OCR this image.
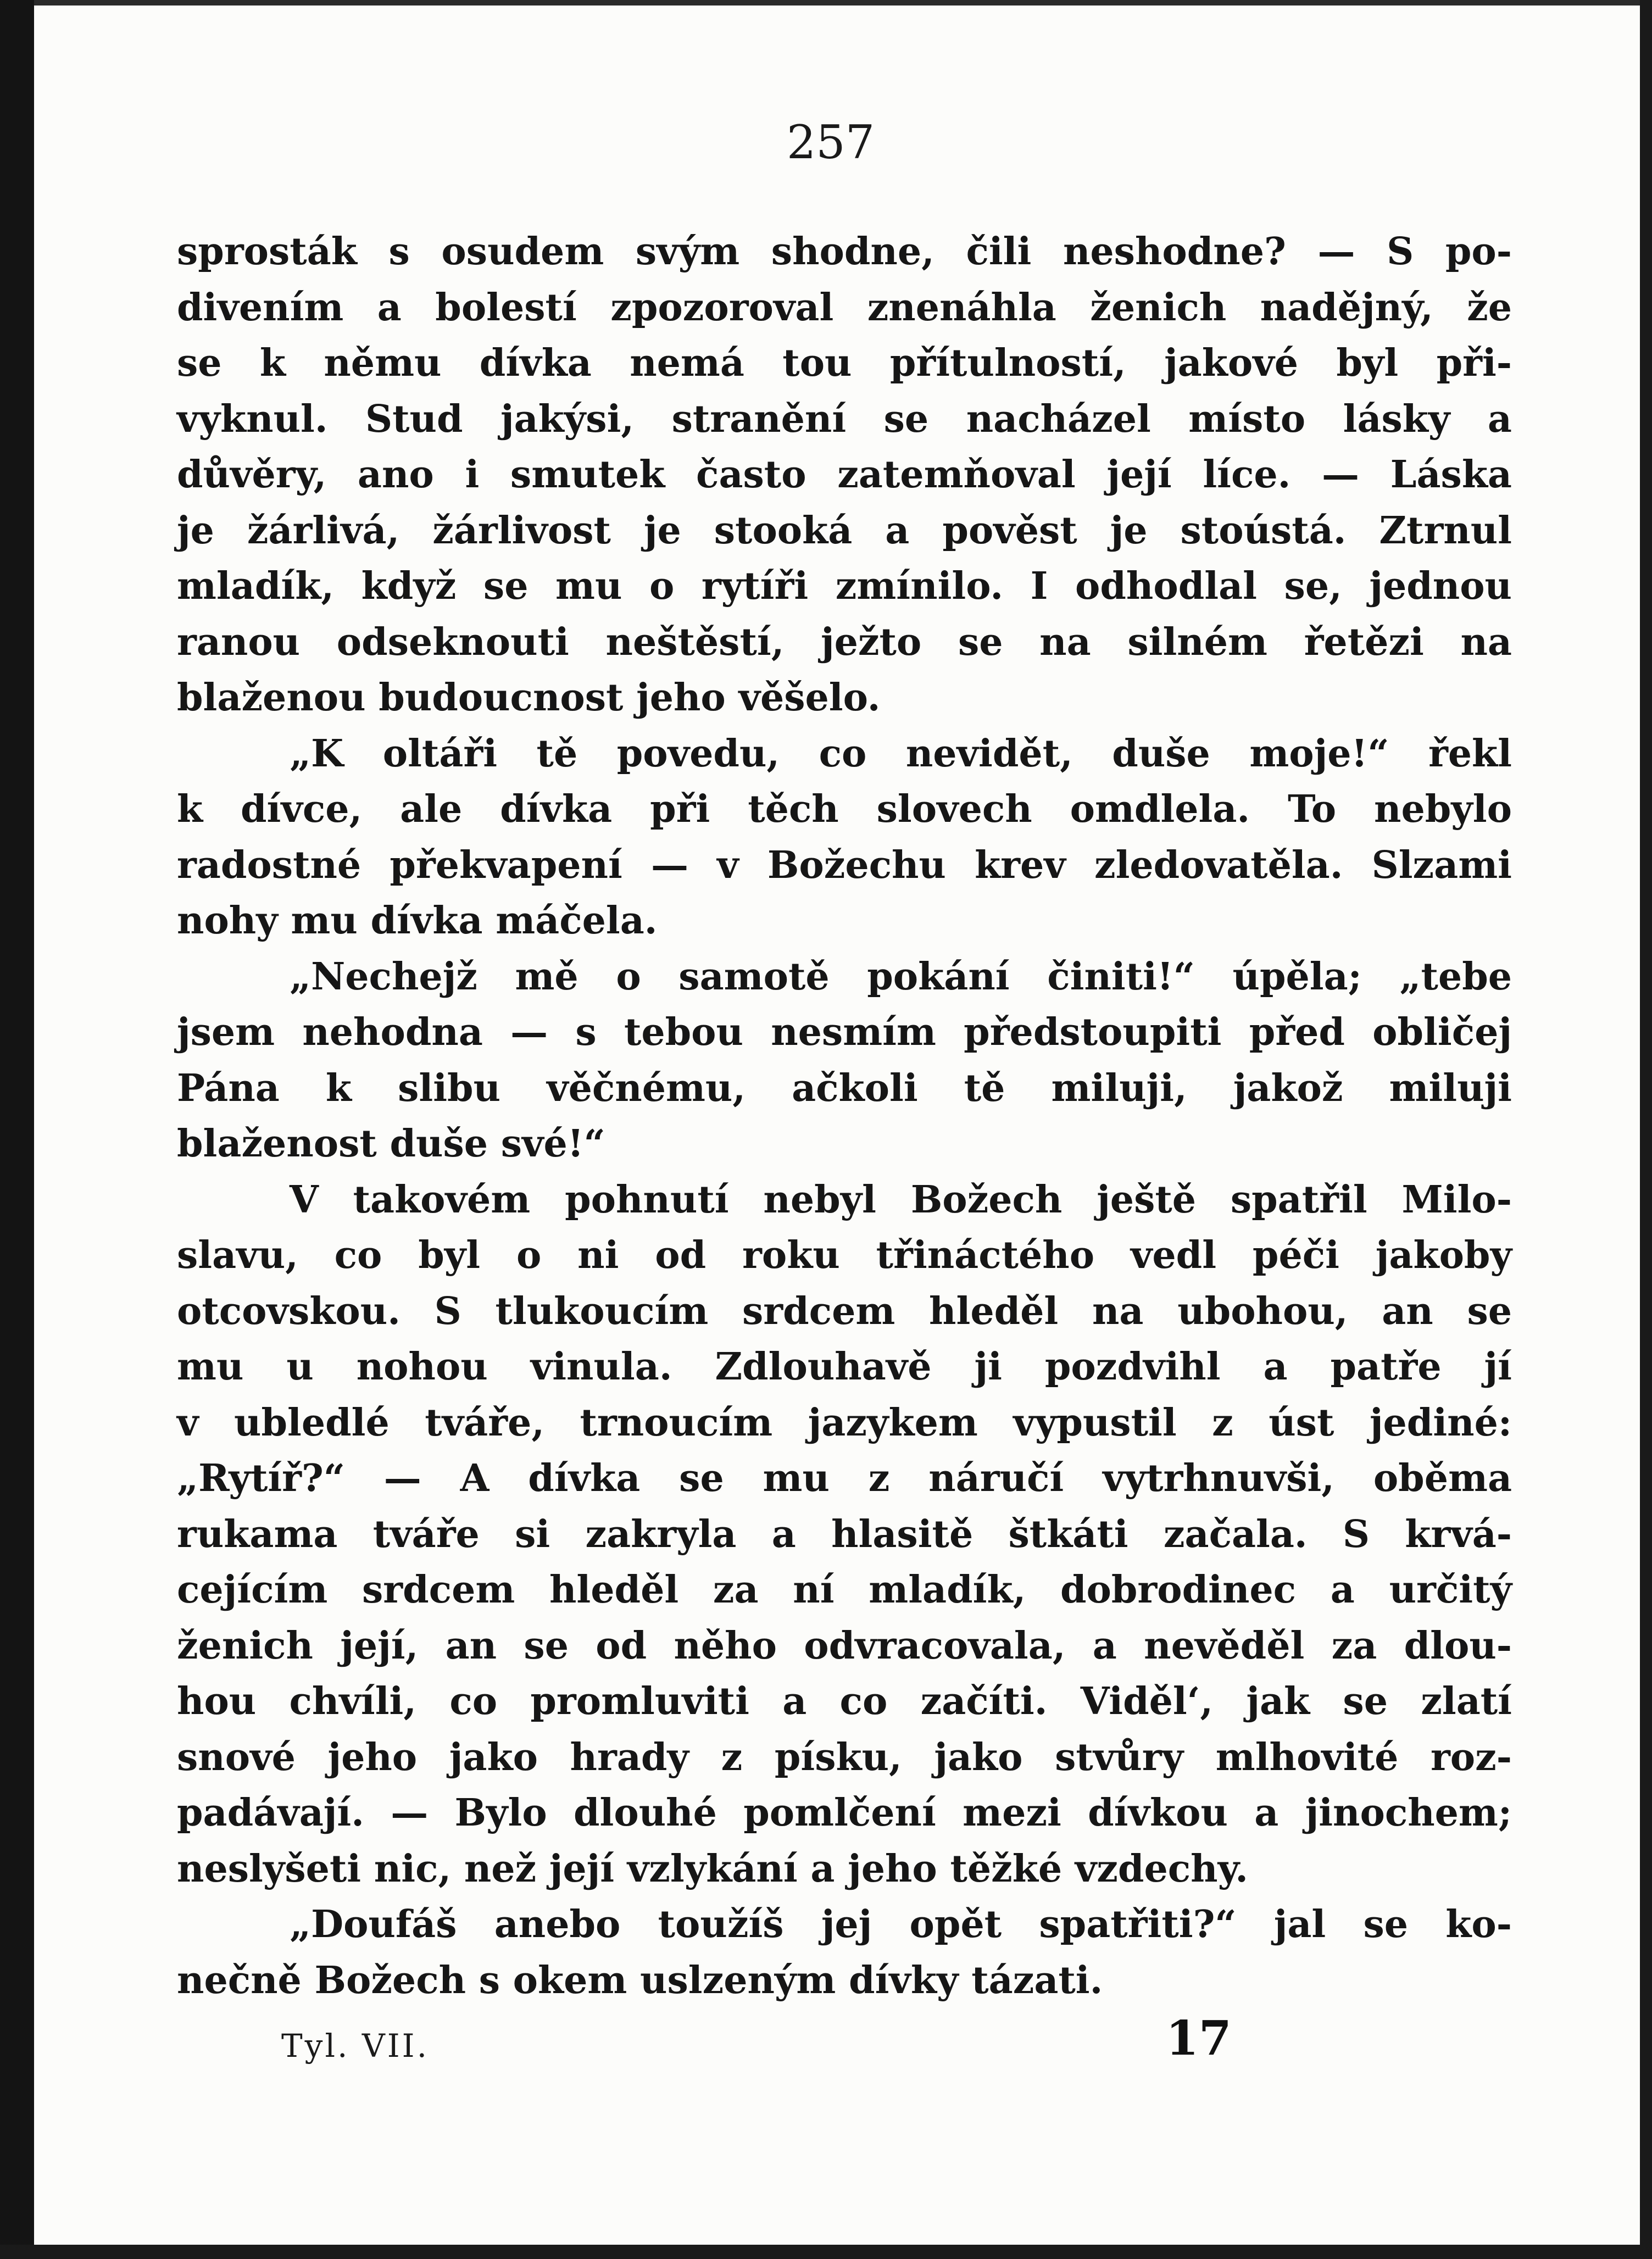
257
sprosták s osudem svým shodne, čili neshodne? — S po-
divením a bolestí zpozoroval znenáhla ženich nadějný, že
se k němu dívka nemá tou přítulností, jakové byl při-
vyknul. Stud jakýsi, stranění se nacházel místo lásky a
důvěry, ano i smutek často zatemňoval její líce. — Láska
je žárlivá, žárlivost je stooká a pověst je stoústá. Ztrnul
mladík, když se mu o rytíři zmínilo. I odhodlal se, jednou
ranou odseknouti neštěstí, ježto se na silném řetězi na
blaženou budoucnost jeho věšelo.
„K oltáři tě povedu, co nevidět, duše moje!“ řekl
k dívce, ale dívka při těch slovech omdlela. To nebylo
radostné překvapení — v Božechu krev zledovatěla. Slzami
nohy mu dívka máčela.
„Nechejž mě o samotě pokání činiti!“ úpěla; „tebe
jsem nehodna — s tebou nesmím předstoupiti před obličej
Pána k slibu věčnému, ačkoli tě miluji, jakož miluji
blaženost duše své!“
V takovém pohnutí nebyl Božech ještě spatřil Milo-
slavu, co byl o ni od roku třináctého vedl péči jakoby
otcovskou. S tlukoucím srdcem hleděl na ubohou, an se
mu u nohou vinula. Zdlouhavě ji pozdvihl a patře jí
v ubledlé tváře, trnoucím jazykem vypustil z úst jediné:
„Rytíř?“ — A dívka se mu z náručí vytrhnuvši, oběma
rukama tváře si zakryla a hlasitě štkáti začala. S krvá-
cejícím srdcem hleděl za ní mladík, dobrodinec a určitý
ženich její, an se od něho odvracovala, a nevěděl za dlou-
hou chvíli, co promluviti a co začíti. Viděl‘, jak se zlatí
snové jeho jako hrady z písku, jako stvůry mlhovité roz-
padávají. — Bylo dlouhé pomlčení mezi dívkou a jinochem;
neslyšeti nic, než její vzlykání a jeho těžké vzdechy.
„Doufáš anebo toužíš jej opět spatřiti?“ jal se ko-
nečně Božech s okem uslzeným dívky tázati.
Tyl. VII.	17
